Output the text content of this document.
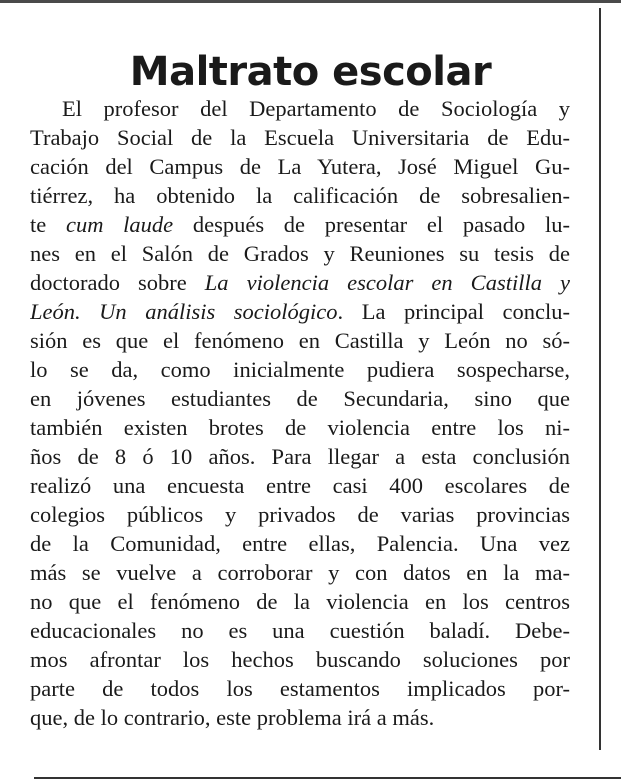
Maltrato escolar
El profesor del Departamento de Sociología y
Trabajo Social de la Escuela Universitaria de Edu-
cación del Campus de La Yutera, José Miguel Gu-
tiérrez, ha obtenido la calificación de sobresalien-
te cum laude después de presentar el pasado lu-
nes en el Salón de Grados y Reuniones su tesis de
doctorado sobre La violencia escolar en Castilla y
León. Un análisis sociológico. La principal conclu-
sión es que el fenómeno en Castilla y León no só-
lo se da, como inicialmente pudiera sospecharse,
en jóvenes estudiantes de Secundaria, sino que
también existen brotes de violencia entre los ni-
ños de 8 ó 10 años. Para llegar a esta conclusión
realizó una encuesta entre casi 400 escolares de
colegios públicos y privados de varias provincias
de la Comunidad, entre ellas, Palencia. Una vez
más se vuelve a corroborar y con datos en la ma-
no que el fenómeno de la violencia en los centros
educacionales no es una cuestión baladí. Debe-
mos afrontar los hechos buscando soluciones por
parte de todos los estamentos implicados por-
que, de lo contrario, este problema irá a más.
